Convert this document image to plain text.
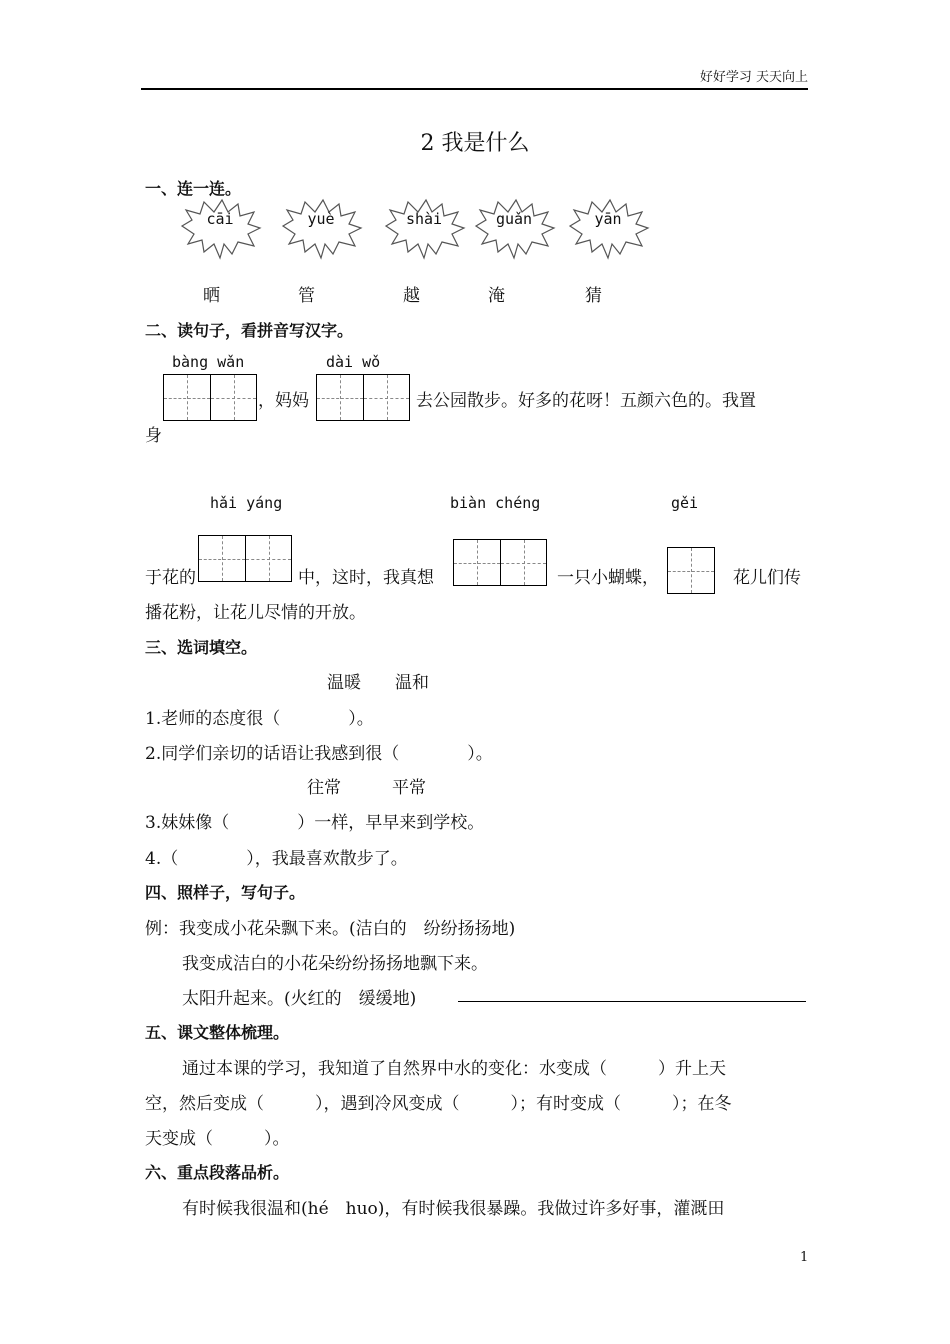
好好学习 天天向上
2 我是什么
一、连一连。
cāi	yuè	shài	guǎn	yān
晒	管	越	淹	猜
二、读句子，看拼音写汉字。
bàng wǎn	dài wǒ
，妈妈	去公园散步。好多的花呀！五颜六色的。我置
身
hǎi yáng	biàn chéng	gěi
于花的	中，这时，我真想	一只小蝴蝶，	花儿们传
播花粉，让花儿尽情的开放。
三、选词填空。
温暖　　温和
1.老师的态度很（　　　　）。
2.同学们亲切的话语让我感到很（　　　　）。
往常　　　平常
3.妹妹像（　　　　）一样，早早来到学校。
4.（　　　　），我最喜欢散步了。
四、照样子，写句子。
例：我变成小花朵飘下来。(洁白的　纷纷扬扬地)
我变成洁白的小花朵纷纷扬扬地飘下来。
太阳升起来。(火红的　缓缓地)
五、课文整体梳理。
通过本课的学习，我知道了自然界中水的变化：水变成（　　　）升上天
空，然后变成（　　　），遇到冷风变成（　　　）；有时变成（　　　）；在冬
天变成（　　　）。
六、重点段落品析。
有时候我很温和(hé　huo)，有时候我很暴躁。我做过许多好事，灌溉田
1
